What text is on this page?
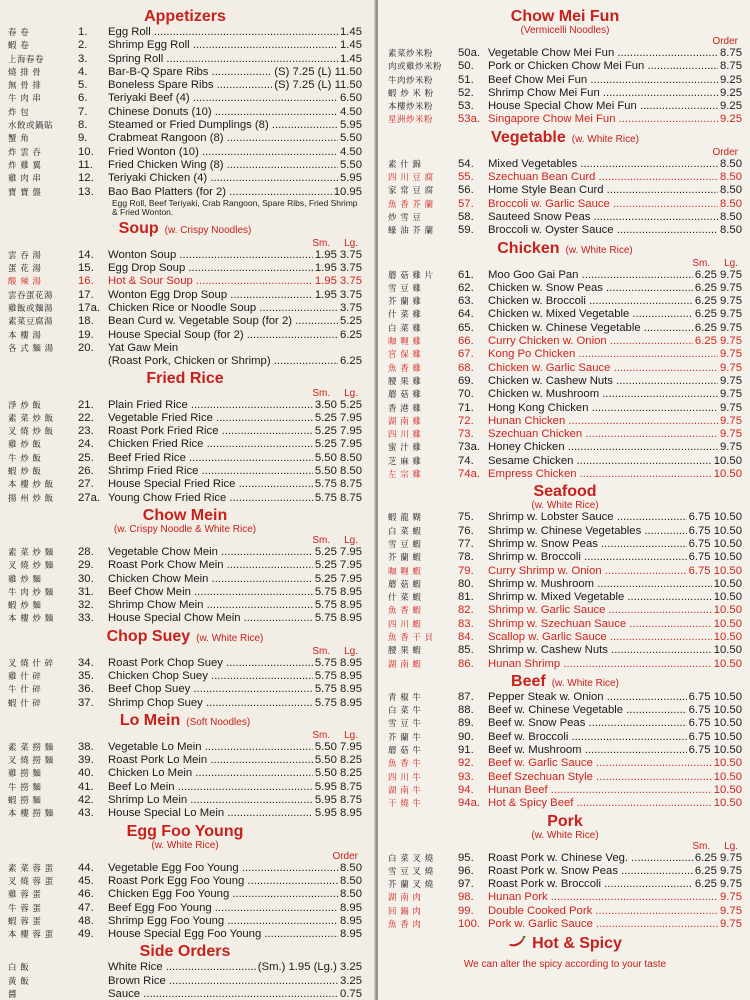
Appetizers
春 卷	1.	Egg Roll .....	1.45
蝦 卷	2.	Shrimp Egg Roll .....	1.45
上海春卷	3.	Spring Roll .....	1.45
燒 排 骨	4.	Bar-B-Q Spare Ribs .....	(S) 7.25 (L) 11.50
無 骨 排	5.	Boneless Spare Ribs .....	(S) 7.25 (L) 11.50
牛 肉 串	6.	Teriyaki Beef (4) .....	6.50
炸 包	7.	Chinese Donuts (10) .....	4.50
水餃或鍋貼	8.	Steamed or Fried Dumplings (8) .....	5.95
蟹 角	9.	Crabmeat Rangoon (8) .....	5.50
炸 雲 吞	10.	Fried Wonton (10) .....	4.50
炸 雞 翼	11.	Fried Chicken Wing (8) .....	5.50
雞 肉 串	12.	Teriyaki Chicken (4) .....	5.95
寶 寶 盤	13.	Bao Bao Platters (for 2) .....	10.95
Egg Roll, Beef Teriyaki, Crab Rangoon, Spare Ribs, Fried Shrimp & Fried Wonton.
Soup (w. Crispy Noodles)
Sm. Lg.
雲 吞 湯	14.	Wonton Soup .....	1.95 3.75
蛋 花 湯	15.	Egg Drop Soup .....	1.95 3.75
酸 辣 湯	16.	Hot & Sour Soup .....	1.95 3.75
雲吞蛋花湯	17.	Wonton Egg Drop Soup .....	1.95 3.75
雞飯或麵湯	17a. Chicken Rice or Noodle Soup .....	3.75
素菜豆腐湯	18.	Bean Curd w. Vegetable Soup (for 2) .....	5.25
本 樓 湯	19.	House Special Soup (for 2) .....	6.25
各 式 麵 湯	20.	Yat Gaw Mein
(Roast Pork, Chicken or Shrimp) .....	6.25
Fried Rice
Sm. Lg.
淨 炒 飯	21.	Plain Fried Rice .....	3.50 5.25
素 菜 炒 飯	22.	Vegetable Fried Rice .....	5.25 7.95
叉 燒 炒 飯	23.	Roast Pork Fried Rice .....	5.25 7.95
雞 炒 飯	24.	Chicken Fried Rice .....	5.25 7.95
牛 炒 飯	25.	Beef Fried Rice .....	5.50 8.50
蝦 炒 飯	26.	Shrimp Fried Rice .....	5.50 8.50
本 樓 炒 飯	27.	House Special Fried Rice .....	5.75 8.75
揚 州 炒 飯	27a. Young Chow Fried Rice .....	5.75 8.75
Chow Mein
(w. Crispy Noodle & White Rice)
Sm. Lg.
素 菜 炒 麵	28.	Vegetable Chow Mein .....	5.25 7.95
叉 燒 炒 麵	29.	Roast Pork Chow Mein .....	5.25 7.95
雞 炒 麵	30.	Chicken Chow Mein .....	5.25 7.95
牛 肉 炒 麵	31.	Beef Chow Mein .....	5.75 8.95
蝦 炒 麵	32.	Shrimp Chow Mein .....	5.75 8.95
本 樓 炒 麵	33.	House Special Chow Mein .....	5.75 8.95
Chop Suey (w. White Rice)
Sm. Lg.
叉 燒 什 碎	34.	Roast Pork Chop Suey .....	5.75 8.95
雞 什 碎	35.	Chicken Chop Suey .....	5.75 8.95
牛 什 碎	36.	Beef Chop Suey .....	5.75 8.95
蝦 什 碎	37.	Shrimp Chop Suey .....	5.75 8.95
Lo Mein (Soft Noodles)
Sm. Lg.
素 菜 撈 麵	38.	Vegetable Lo Mein .....	5.50 7.95
叉 燒 撈 麵	39.	Roast Pork Lo Mein .....	5.50 8.25
雞 撈 麵	40.	Chicken Lo Mein .....	5.50 8.25
牛 撈 麵	41.	Beef Lo Mein .....	5.95 8.75
蝦 撈 麵	42.	Shrimp Lo Mein .....	5.95 8.75
本 樓 撈 麵	43.	House Special Lo Mein .....	5.95 8.95
Egg Foo Young
(w. White Rice)
Order
素 菜 蓉 蛋	44.	Vegetable Egg Foo Young .....	8.50
叉 燒 蓉 蛋	45.	Roast Pork Egg Foo Young .....	8.50
雞 蓉 蛋	46.	Chicken Egg Foo Young .....	8.50
牛 蓉 蛋	47.	Beef Egg Foo Young .....	8.95
蝦 蓉 蛋	48.	Shrimp Egg Foo Young .....	8.95
本 樓 蓉 蛋	49.	House Special Egg Foo Young .....	8.95
Side Orders
白 飯	White Rice .....	(Sm.) 1.95 (Lg.) 3.25
黃 飯	Brown Rice .....	3.25
醬	Sauce .....	0.75
Chow Mei Fun
(Vermicelli Noodles)
Order
素菜炒米粉	50a. Vegetable Chow Mei Fun .....	8.75
肉或雞炒米粉	50.	Pork or Chicken Chow Mei Fun .....	8.75
牛肉炒米粉	51.	Beef Chow Mei Fun .....	9.25
蝦 炒 米 粉	52.	Shrimp Chow Mei Fun .....	9.25
本樓炒米粉	53.	House Special Chow Mei Fun .....	9.25
星洲炒米粉	53a. Singapore Chow Mei Fun .....	9.25
Vegetable (w. White Rice)
Order
素 什 錦	54.	Mixed Vegetables .....	8.50
四 川 豆 腐	55.	Szechuan Bean Curd .....	8.50
家 常 豆 腐	56.	Home Style Bean Curd .....	8.50
魚 香 芥 蘭	57.	Broccoli w. Garlic Sauce .....	8.50
炒 雪 豆	58.	Sauteed Snow Peas .....	8.50
蠔 油 芥 蘭	59.	Broccoli w. Oyster Sauce .....	8.50
Chicken (w. White Rice)
Sm. Lg.
蘑 菇 雞 片	61.	Moo Goo Gai Pan .....	6.25 9.75
雪 豆 雞	62.	Chicken w. Snow Peas .....	6.25 9.75
芥 蘭 雞	63.	Chicken w. Broccoli .....	6.25 9.75
什 菜 雞	64.	Chicken w. Mixed Vegetable .....	6.25 9.75
白 菜 雞	65.	Chicken w. Chinese Vegetable .....	6.25 9.75
咖 喱 雞	66.	Curry Chicken w. Onion .....	6.25 9.75
宮 保 雞	67.	Kong Po Chicken .....	9.75
魚 香 雞	68.	Chicken w. Garlic Sauce .....	9.75
腰 果 雞	69.	Chicken w. Cashew Nuts .....	9.75
蘑 菇 雞	70.	Chicken w. Mushroom .....	9.75
香 港 雞	71.	Hong Kong Chicken .....	9.75
湖 南 雞	72.	Hunan Chicken .....	9.75
四 川 雞	73.	Szechuan Chicken .....	9.75
蜜 汁 雞	73a. Honey Chicken .....	9.75
芝 麻 雞	74.	Sesame Chicken .....	10.50
左 宗 雞	74a. Empress Chicken .....	10.50
Seafood
(w. White Rice)
蝦 龍 糊	75.	Shrimp w. Lobster Sauce .....	6.75 10.50
白 菜 蝦	76.	Shrimp w. Chinese Vegetables .....	6.75 10.50
雪 豆 蝦	77.	Shrimp w. Snow Peas .....	6.75 10.50
芥 蘭 蝦	78.	Shrimp w. Broccoli .....	6.75 10.50
咖 喱 蝦	79.	Curry Shrimp w. Onion .....	6.75 10.50
蘑 菇 蝦	80.	Shrimp w. Mushroom .....	10.50
什 菜 蝦	81.	Shrimp w. Mixed Vegetable .....	10.50
魚 香 蝦	82.	Shrimp w. Garlic Sauce .....	10.50
四 川 蝦	83.	Shrimp w. Szechuan Sauce .....	10.50
魚 香 干 貝	84.	Scallop w. Garlic Sauce .....	10.50
腰 果 蝦	85.	Shrimp w. Cashew Nuts .....	10.50
湖 南 蝦	86.	Hunan Shrimp .....	10.50
Beef (w. White Rice)
青 椒 牛	87.	Pepper Steak w. Onion .....	6.75 10.50
白 菜 牛	88.	Beef w. Chinese Vegetable .....	6.75 10.50
雪 豆 牛	89.	Beef w. Snow Peas .....	6.75 10.50
芥 蘭 牛	90.	Beef w. Broccoli .....	6.75 10.50
蘑 菇 牛	91.	Beef w. Mushroom .....	6.75 10.50
魚 香 牛	92.	Beef w. Garlic Sauce .....	10.50
四 川 牛	93.	Beef Szechuan Style .....	10.50
湖 南 牛	94.	Hunan Beef .....	10.50
干 燒 牛	94a. Hot & Spicy Beef .....	10.50
Pork
(w. White Rice)
Sm. Lg.
白 菜 叉 燒	95.	Roast Pork w. Chinese Veg. .....	6.25 9.75
雪 豆 叉 燒	96.	Roast Pork w. Snow Peas .....	6.25 9.75
芥 蘭 叉 燒	97.	Roast Pork w. Broccoli .....	6.25 9.75
湖 南 肉	98.	Hunan Pork .....	9.75
回 鍋 肉	99.	Double Cooked Pork .....	9.75
魚 香 肉	100. Pork w. Garlic Sauce .....	9.75
Hot & Spicy
We can alter the spicy according to your taste
